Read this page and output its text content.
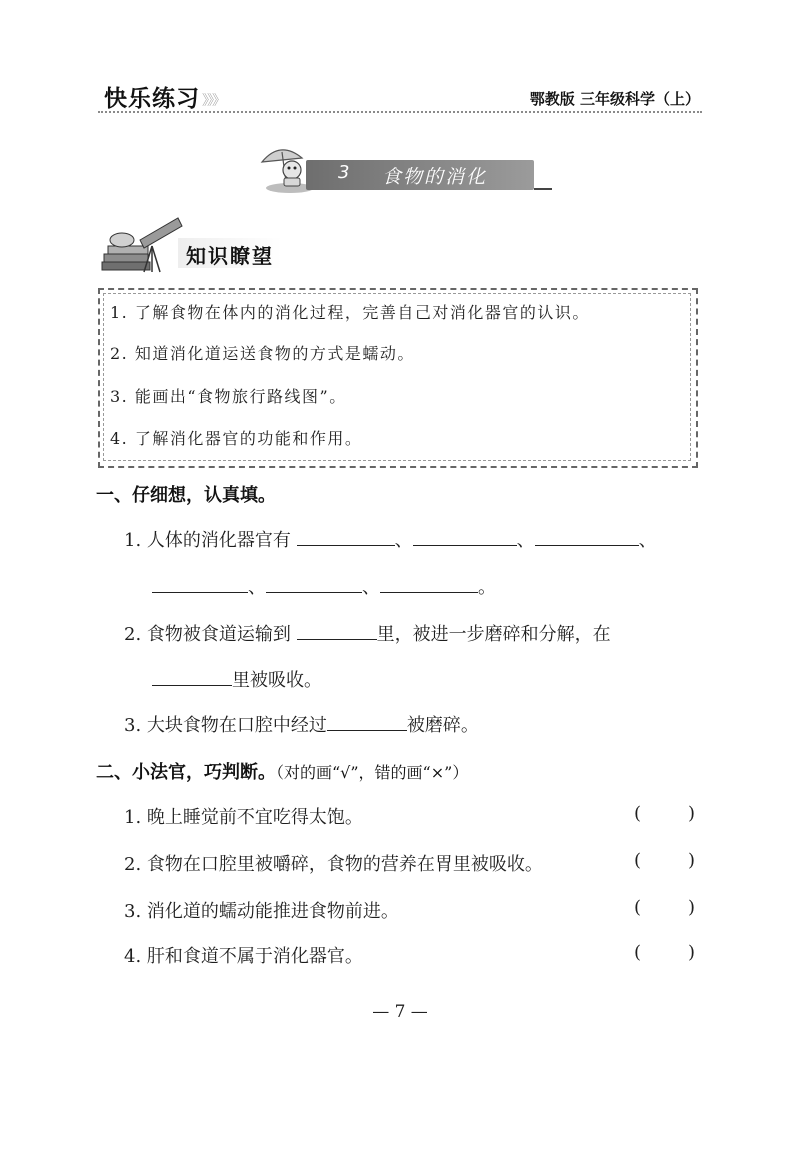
快乐练习 》》》	鄂教版 三年级科学（上）
3 食物的消化
知识瞭望
1. 了解食物在体内的消化过程，完善自己对消化器官的认识。
2. 知道消化道运送食物的方式是蠕动。
3. 能画出“食物旅行路线图”。
4. 了解消化器官的功能和作用。
一、仔细想，认真填。
1. 人体的消化器官有	、	、	、
、	、	。
2. 食物被食道运输到	里，被进一步磨碎和分解，在
里被吸收。
3. 大块食物在口腔中经过	被磨碎。
二、小法官，巧判断。（对的画“√”，错的画“×”）
1. 晚上睡觉前不宜吃得太饱。	(	)
2. 食物在口腔里被嚼碎，食物的营养在胃里被吸收。	(	)
3. 消化道的蠕动能推进食物前进。	(	)
4. 肝和食道不属于消化器官。	(	)
— 7 —
